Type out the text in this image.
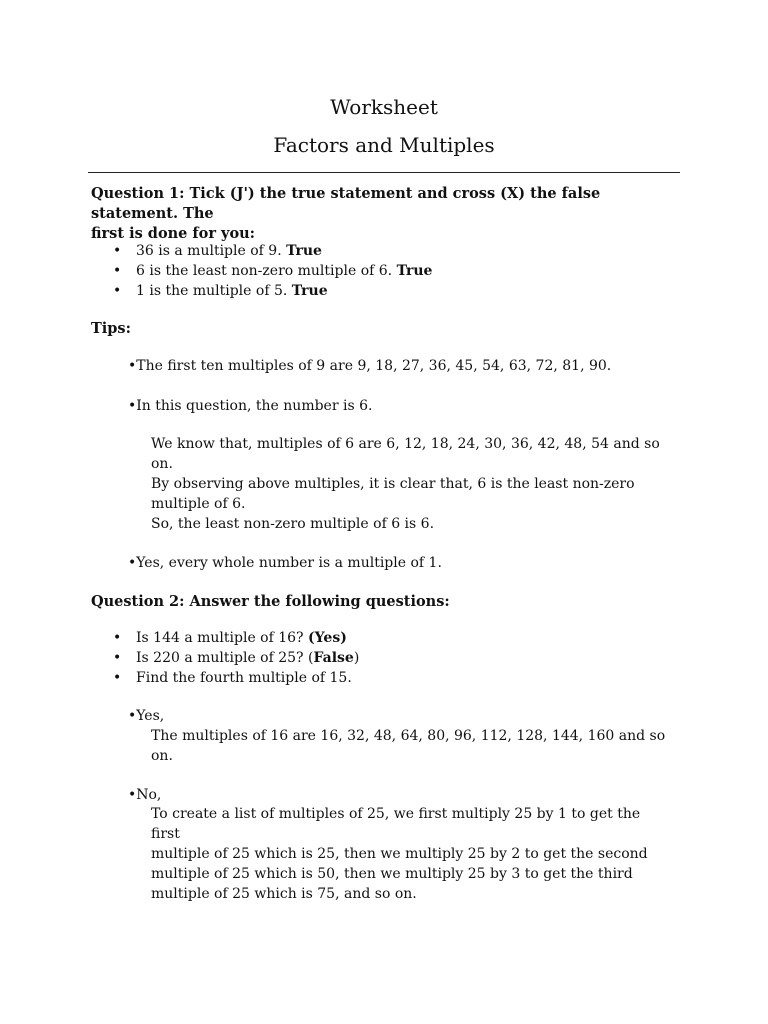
Worksheet
Factors and Multiples
Question 1: Tick (J') the true statement and cross (X) the false statement. The
first is done for you:
• 36 is a multiple of 9. True
• 6 is the least non-zero multiple of 6. True
• 1 is the multiple of 5. True
Tips:
•The first ten multiples of 9 are 9, 18, 27, 36, 45, 54, 63, 72, 81, 90.
•In this question, the number is 6.
We know that, multiples of 6 are 6, 12, 18, 24, 30, 36, 42, 48, 54 and so
on.
By observing above multiples, it is clear that, 6 is the least non-zero
multiple of 6.
So, the least non-zero multiple of 6 is 6.
•Yes, every whole number is a multiple of 1.
Question 2: Answer the following questions:
• Is 144 a multiple of 16? (Yes)
• Is 220 a multiple of 25? (False)
• Find the fourth multiple of 15.
•Yes,
The multiples of 16 are 16, 32, 48, 64, 80, 96, 112, 128, 144, 160 and so
on.
•No,
To create a list of multiples of 25, we first multiply 25 by 1 to get the
first
multiple of 25 which is 25, then we multiply 25 by 2 to get the second
multiple of 25 which is 50, then we multiply 25 by 3 to get the third
multiple of 25 which is 75, and so on.
